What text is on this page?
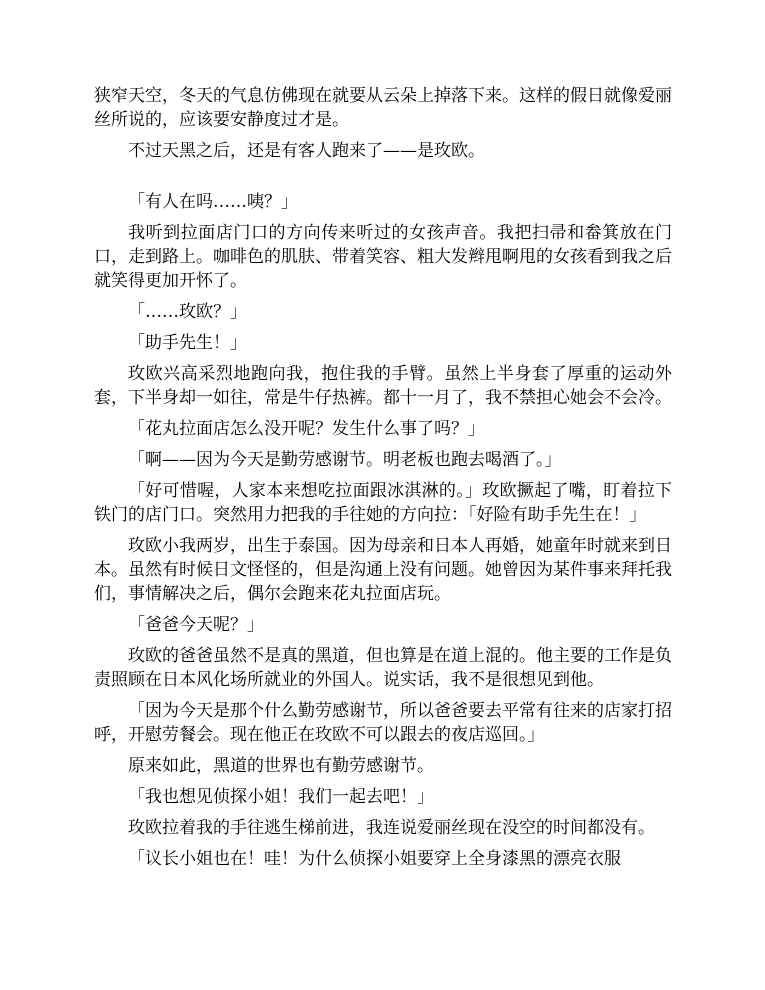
狭窄天空，冬天的气息仿佛现在就要从云朵上掉落下来。这样的假日就像爱丽丝所说的，应该要安静度过才是。

不过天黑之后，还是有客人跑来了——是玫欧。

「有人在吗……咦？」

我听到拉面店门口的方向传来听过的女孩声音。我把扫帚和畚箕放在门口，走到路上。咖啡色的肌肤、带着笑容、粗大发辫甩啊甩的女孩看到我之后就笑得更加开怀了。

「……玫欧？」

「助手先生！」

玫欧兴高采烈地跑向我，抱住我的手臂。虽然上半身套了厚重的运动外套，下半身却一如往，常是牛仔热裤。都十一月了，我不禁担心她会不会冷。

「花丸拉面店怎么没开呢？发生什么事了吗？」

「啊——因为今天是勤劳感谢节。明老板也跑去喝酒了。」

「好可惜喔，人家本来想吃拉面跟冰淇淋的。」玫欧撅起了嘴，盯着拉下铁门的店门口。突然用力把我的手往她的方向拉：「好险有助手先生在！」

玫欧小我两岁，出生于泰国。因为母亲和日本人再婚，她童年时就来到日本。虽然有时候日文怪怪的，但是沟通上没有问题。她曾因为某件事来拜托我们，事情解决之后，偶尔会跑来花丸拉面店玩。

「爸爸今天呢？」

玫欧的爸爸虽然不是真的黑道，但也算是在道上混的。他主要的工作是负责照顾在日本风化场所就业的外国人。说实话，我不是很想见到他。

「因为今天是那个什么勤劳感谢节，所以爸爸要去平常有往来的店家打招呼，开慰劳餐会。现在他正在玫欧不可以跟去的夜店巡回。」

原来如此，黑道的世界也有勤劳感谢节。

「我也想见侦探小姐！我们一起去吧！」

玫欧拉着我的手往逃生梯前进，我连说爱丽丝现在没空的时间都没有。

「议长小姐也在！哇！为什么侦探小姐要穿上全身漆黑的漂亮衣服
